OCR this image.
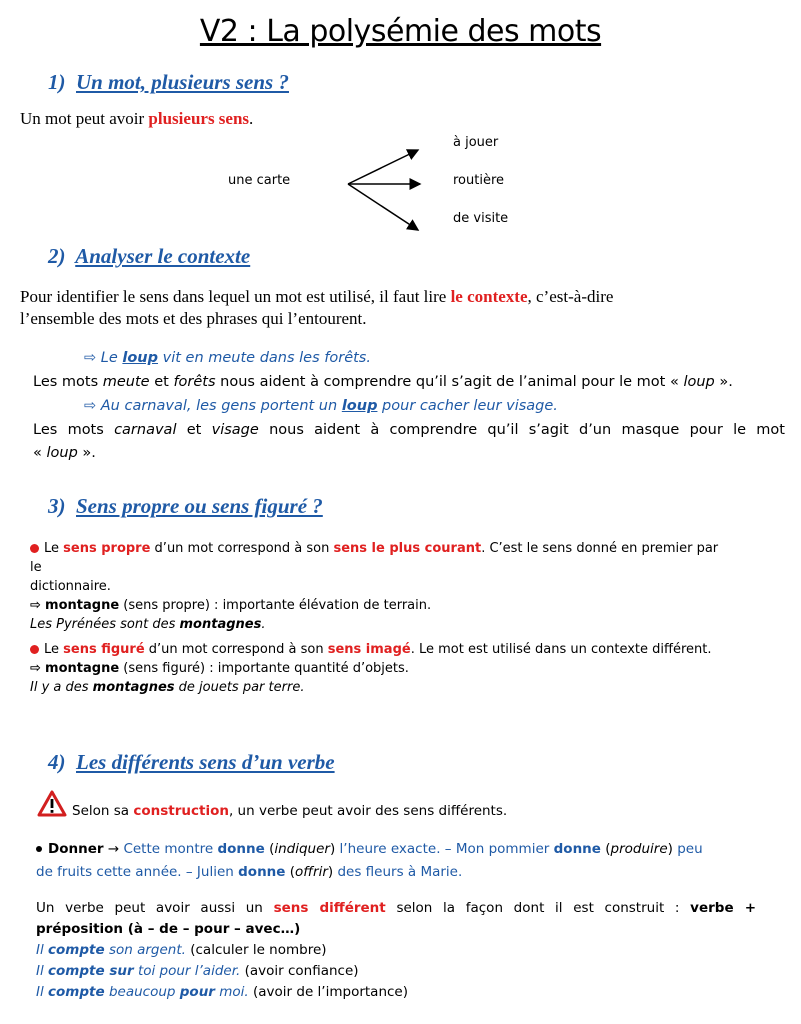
V2 : La polysémie des mots
1) Un mot, plusieurs sens ?
Un mot peut avoir plusieurs sens.
une carte
à jouer
routière
de visite
2) Analyser le contexte
Pour identifier le sens dans lequel un mot est utilisé, il faut lire le contexte, c’est-à-dire
l’ensemble des mots et des phrases qui l’entourent.
⇨ Le loup vit en meute dans les forêts.
Les mots meute et forêts nous aident à comprendre qu’il s’agit de l’animal pour le mot « loup ».
⇨ Au carnaval, les gens portent un loup pour cacher leur visage.
Les mots carnaval et visage nous aident à comprendre qu’il s’agit d’un masque pour le mot
« loup ».
3) Sens propre ou sens figuré ?
Le sens propre d’un mot correspond à son sens le plus courant. C’est le sens donné en premier par le
dictionnaire.
⇨ montagne (sens propre) : importante élévation de terrain.
Les Pyrénées sont des montagnes.
Le sens figuré d’un mot correspond à son sens imagé. Le mot est utilisé dans un contexte différent.
⇨ montagne (sens figuré) : importante quantité d’objets.
Il y a des montagnes de jouets par terre.
4) Les différents sens d’un verbe
Selon sa construction, un verbe peut avoir des sens différents.
Donner → Cette montre donne (indiquer) l’heure exacte. – Mon pommier donne (produire) peu
de fruits cette année. – Julien donne (offrir) des fleurs à Marie.
Un verbe peut avoir aussi un sens différent selon la façon dont il est construit : verbe +
préposition (à – de – pour – avec…)
Il compte son argent. (calculer le nombre)
Il compte sur toi pour l’aider. (avoir confiance)
Il compte beaucoup pour moi. (avoir de l’importance)
